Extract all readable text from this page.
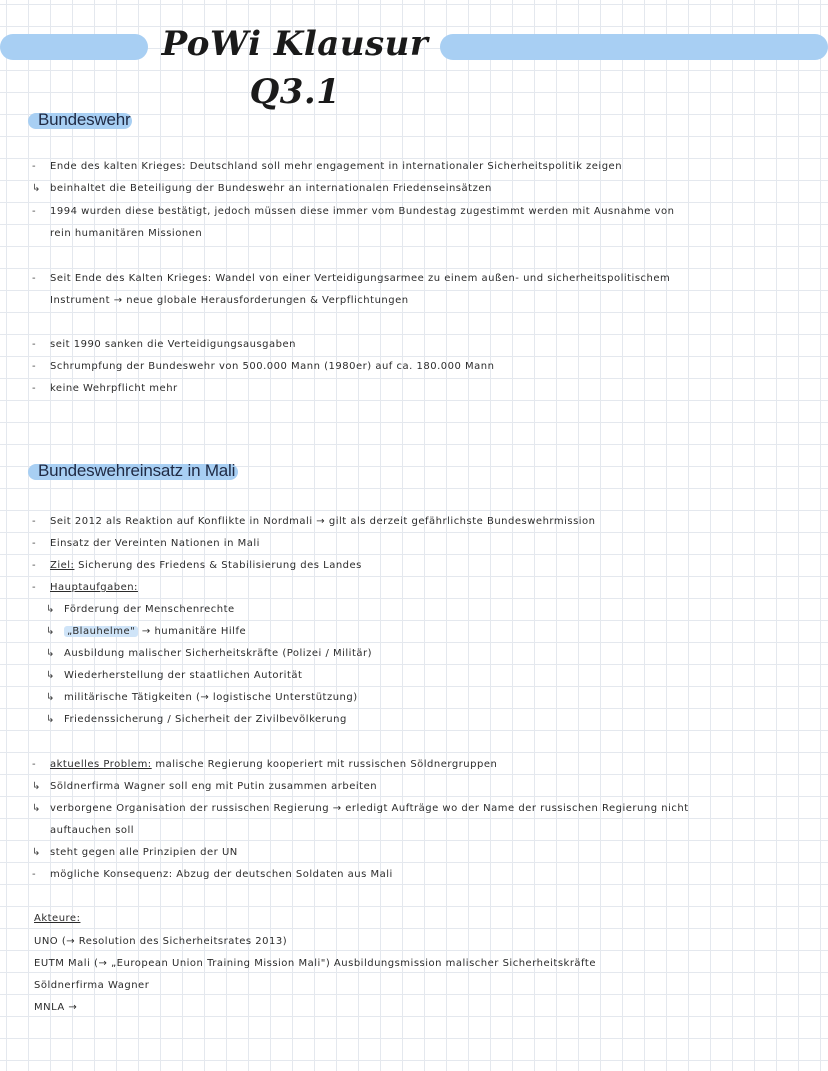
PoWi Klausur Q3.1
Bundeswehr
- Ende des kalten Krieges: Deutschland soll mehr engagement in internationaler Sicherheitspolitik zeigen
↳ beinhaltet die Beteiligung der Bundeswehr an internationalen Friedenseinsätzen
- 1994 wurden diese bestätigt, jedoch müssen diese immer vom Bundestag zugestimmt werden mit Ausnahme von
rein humanitären Missionen
- Seit Ende des Kalten Krieges: Wandel von einer Verteidigungsarmee zu einem außen- und sicherheitspolitischem
Instrument → neue globale Herausforderungen & Verpflichtungen
- seit 1990 sanken die Verteidigungsausgaben
- Schrumpfung der Bundeswehr von 500.000 Mann (1980er) auf ca. 180.000 Mann
- keine Wehrpflicht mehr
Bundeswehreinsatz in Mali
- Seit 2012 als Reaktion auf Konflikte in Nordmali → gilt als derzeit gefährlichste Bundeswehrmission
- Einsatz der Vereinten Nationen in Mali
- Ziel: Sicherung des Friedens & Stabilisierung des Landes
- Hauptaufgaben:
↳ Förderung der Menschenrechte
↳ „Blauhelme" → humanitäre Hilfe
↳ Ausbildung malischer Sicherheitskräfte (Polizei / Militär)
↳ Wiederherstellung der staatlichen Autorität
↳ militärische Tätigkeiten (→ logistische Unterstützung)
↳ Friedenssicherung / Sicherheit der Zivilbevölkerung
- aktuelles Problem: malische Regierung kooperiert mit russischen Söldnergruppen
↳ Söldnerfirma Wagner soll eng mit Putin zusammen arbeiten
↳ verborgene Organisation der russischen Regierung → erledigt Aufträge wo der Name der russischen Regierung nicht
auftauchen soll
↳ steht gegen alle Prinzipien der UN
- mögliche Konsequenz: Abzug der deutschen Soldaten aus Mali
Akteure:
UNO (→ Resolution des Sicherheitsrates 2013)
EUTM Mali (→ „European Union Training Mission Mali") Ausbildungsmission malischer Sicherheitskräfte
Söldnerfirma Wagner
MNLA →
